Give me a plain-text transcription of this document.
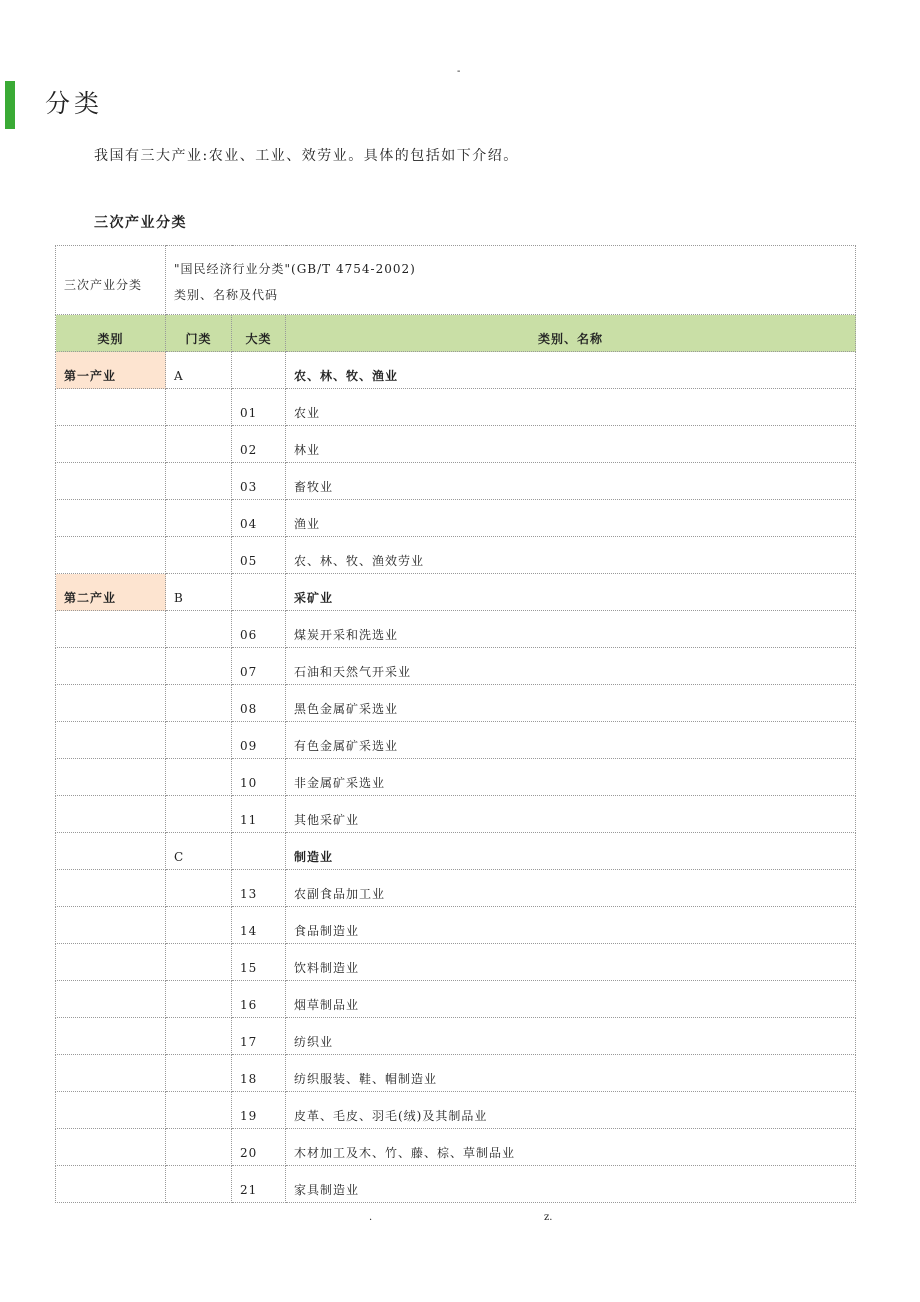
-
分类
我国有三大产业:农业、工业、效劳业。具体的包括如下介绍。
三次产业分类
三次产业分类	"国民经济行业分类"(GB/T 4754-2002)
类别、名称及代码		
类别	门类	大类	类别、名称
第一产业	A		农、林、牧、渔业
		01	农业
		02	林业
		03	畜牧业
		04	渔业
		05	农、林、牧、渔效劳业
第二产业	B		采矿业
		06	煤炭开采和洗选业
		07	石油和天然气开采业
		08	黑色金属矿采选业
		09	有色金属矿采选业
		10	非金属矿采选业
		11	其他采矿业
	C		制造业
		13	农副食品加工业
		14	食品制造业
		15	饮料制造业
		16	烟草制品业
		17	纺织业
		18	纺织服装、鞋、帽制造业
		19	皮革、毛皮、羽毛(绒)及其制品业
		20	木材加工及木、竹、藤、棕、草制品业
		21	家具制造业
.	z.
